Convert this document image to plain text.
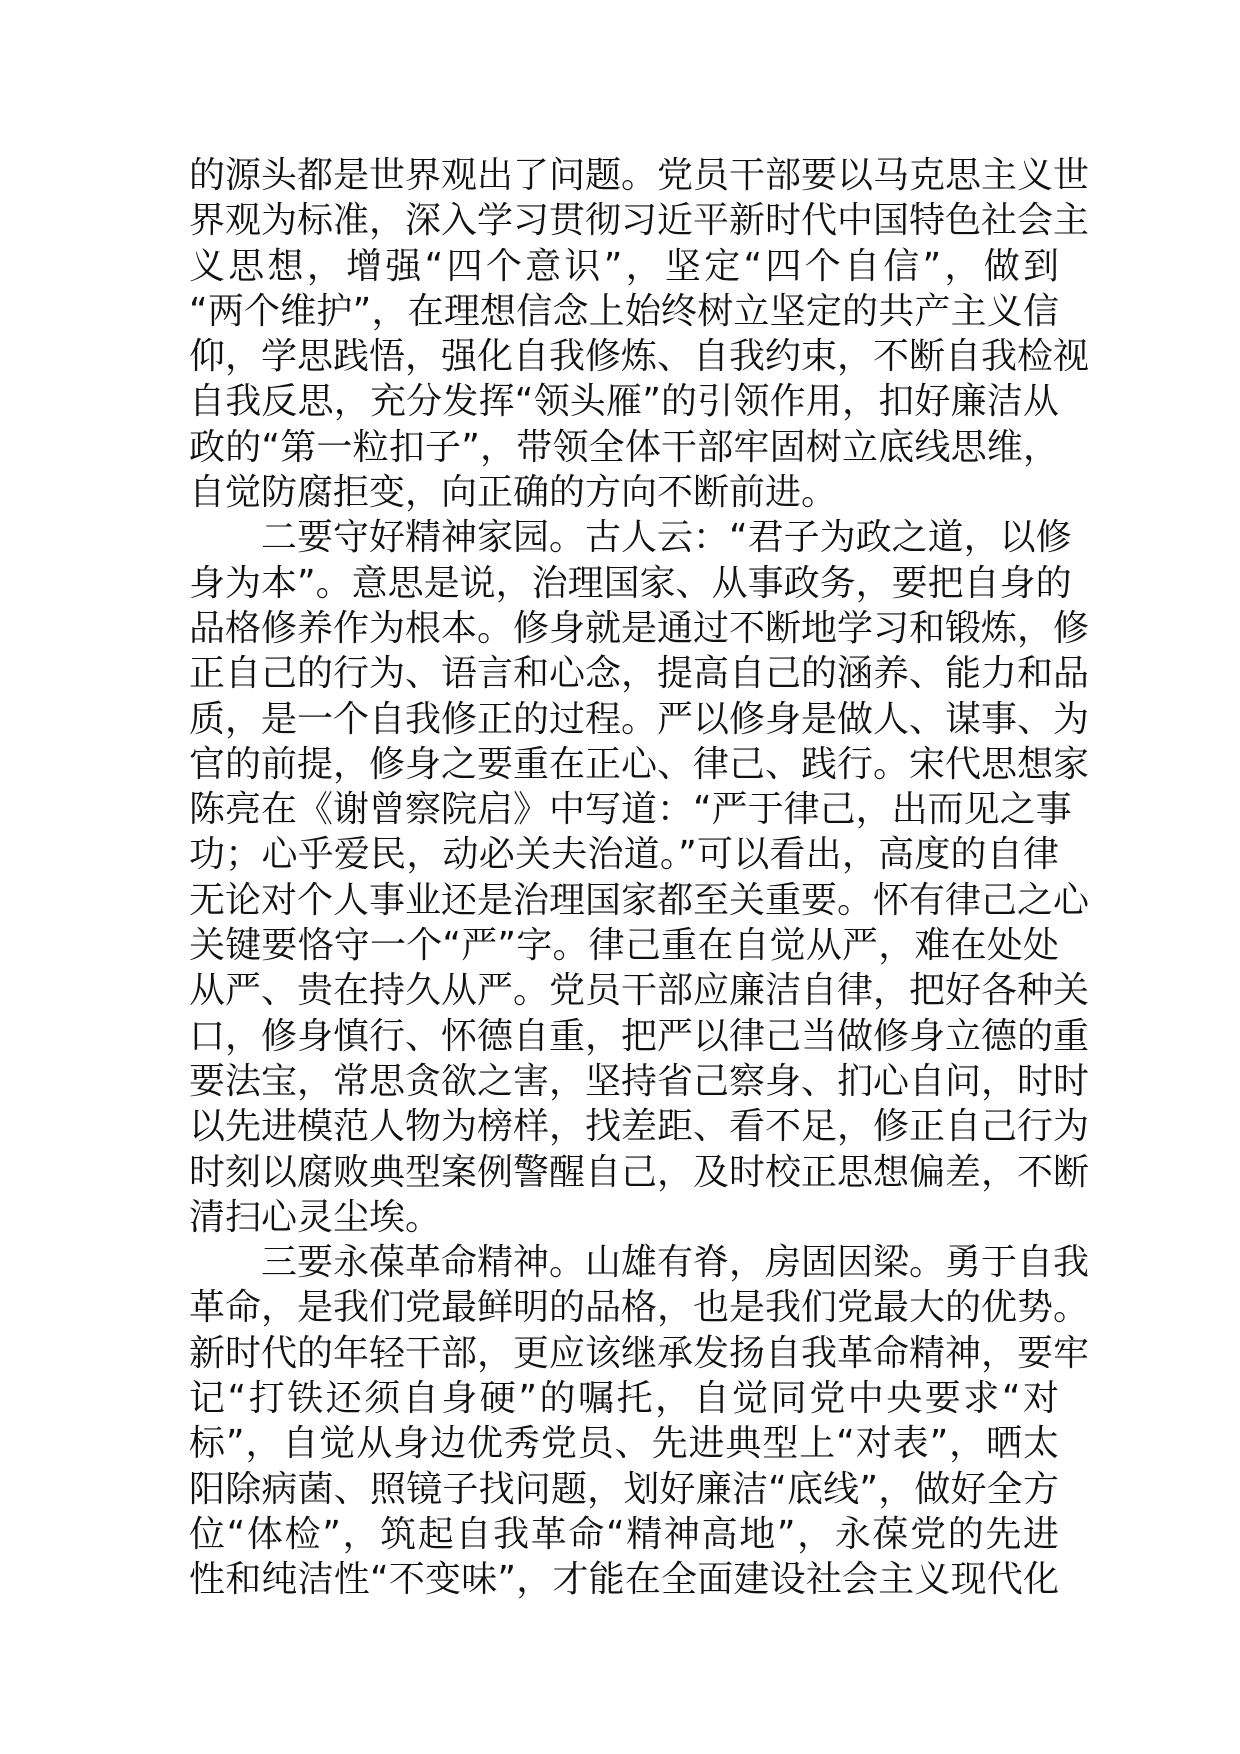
的源头都是世界观出了问题。党员干部要以马克思主义世
界观为标准，深入学习贯彻习近平新时代中国特色社会主
义思想，增强“四个意识”，坚定“四个自信”，做到
“两个维护”，在理想信念上始终树立坚定的共产主义信
仰，学思践悟，强化自我修炼、自我约束，不断自我检视
自我反思，充分发挥“领头雁”的引领作用，扣好廉洁从
政的“第一粒扣子”，带领全体干部牢固树立底线思维，
自觉防腐拒变，向正确的方向不断前进。
二要守好精神家园。古人云：“君子为政之道，以修
身为本”。意思是说，治理国家、从事政务，要把自身的
品格修养作为根本。修身就是通过不断地学习和锻炼，修
正自己的行为、语言和心念，提高自己的涵养、能力和品
质，是一个自我修正的过程。严以修身是做人、谋事、为
官的前提，修身之要重在正心、律己、践行。宋代思想家
陈亮在《谢曾察院启》中写道：“严于律己，出而见之事
功；心乎爱民，动必关夫治道。”可以看出，高度的自律
无论对个人事业还是治理国家都至关重要。怀有律己之心
关键要恪守一个“严”字。律己重在自觉从严，难在处处
从严、贵在持久从严。党员干部应廉洁自律，把好各种关
口，修身慎行、怀德自重，把严以律己当做修身立德的重
要法宝，常思贪欲之害，坚持省己察身、扪心自问，时时
以先进模范人物为榜样，找差距、看不足，修正自己行为
时刻以腐败典型案例警醒自己，及时校正思想偏差，不断
清扫心灵尘埃。
三要永葆革命精神。山雄有脊，房固因梁。勇于自我
革命，是我们党最鲜明的品格，也是我们党最大的优势。
新时代的年轻干部，更应该继承发扬自我革命精神，要牢
记“打铁还须自身硬”的嘱托，自觉同党中央要求“对
标”，自觉从身边优秀党员、先进典型上“对表”，晒太
阳除病菌、照镜子找问题，划好廉洁“底线”，做好全方
位“体检”，筑起自我革命“精神高地”，永葆党的先进
性和纯洁性“不变味”，才能在全面建设社会主义现代化
